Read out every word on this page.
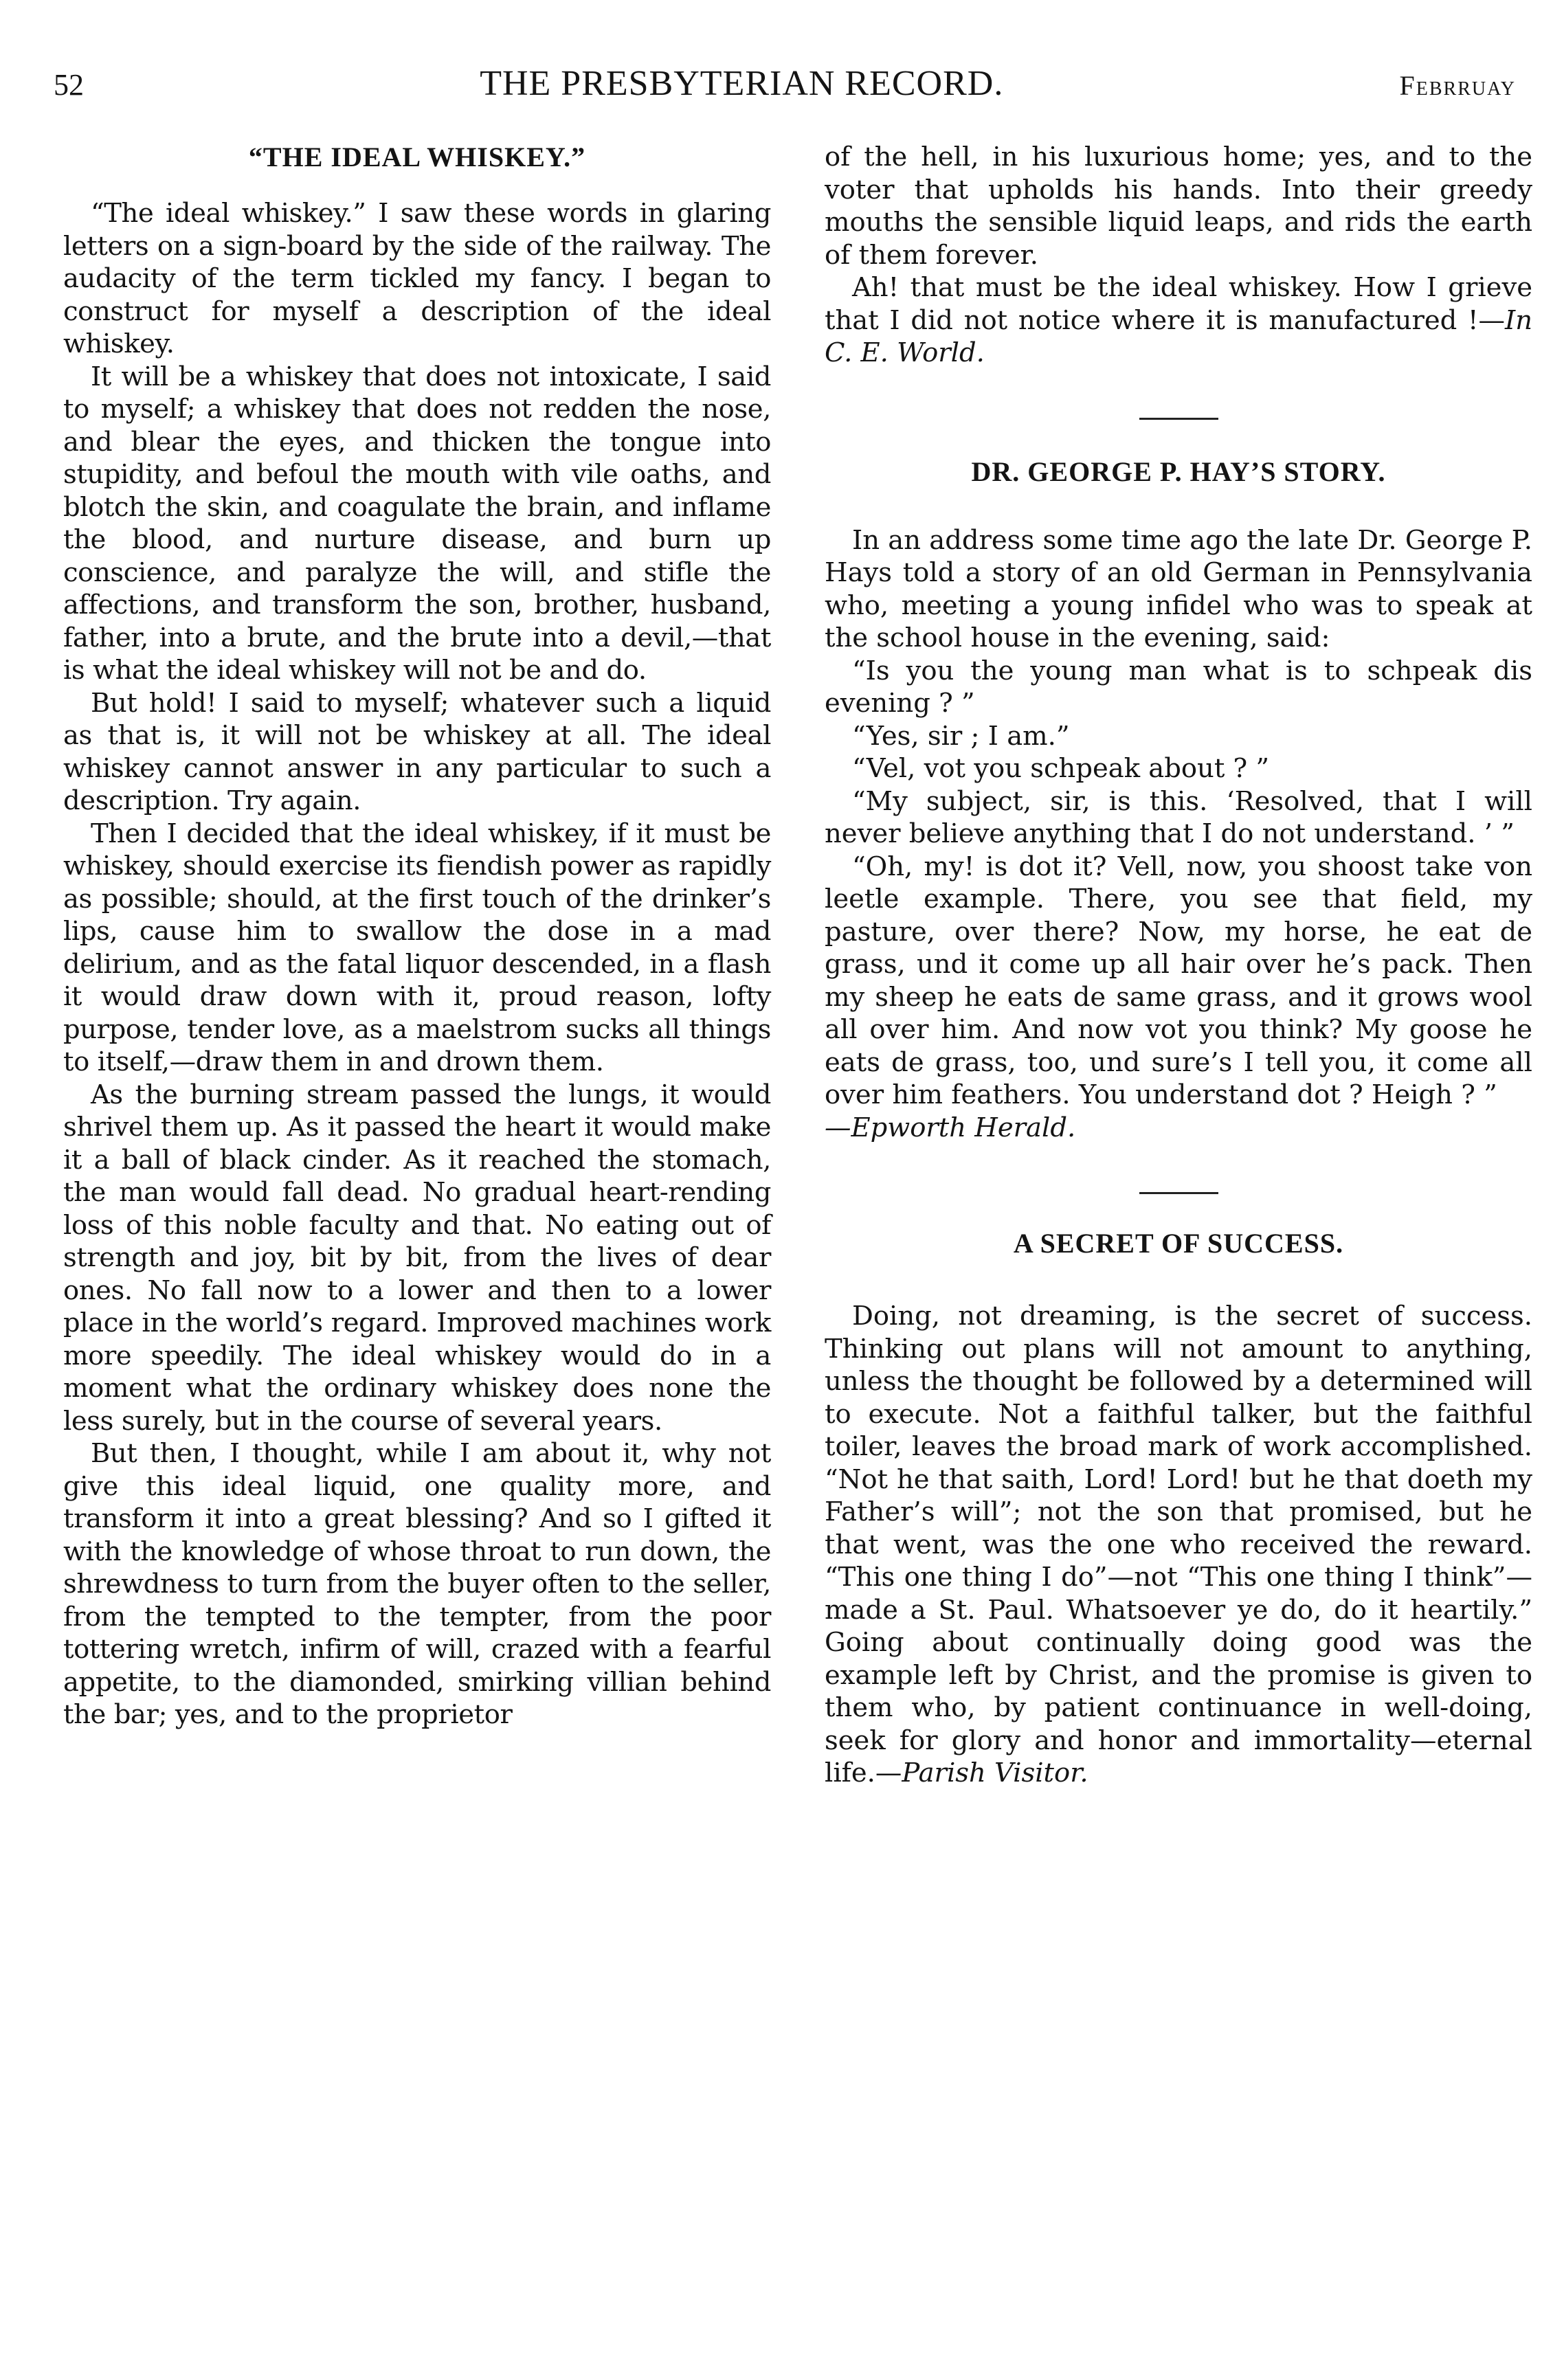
52	THE PRESBYTERIAN RECORD.	Febrruay
“THE IDEAL WHISKEY.”

“The ideal whiskey.” I saw these words in glaring letters on a sign-board by the side of the railway. The audacity of the term tickled my fancy. I began to construct for myself a description of the ideal whiskey.

It will be a whiskey that does not intoxicate, I said to myself; a whiskey that does not redden the nose, and blear the eyes, and thicken the tongue into stupidity, and befoul the mouth with vile oaths, and blotch the skin, and coagulate the brain, and inflame the blood, and nurture disease, and burn up conscience, and paralyze the will, and stifle the affections, and transform the son, brother, husband, father, into a brute, and the brute into a devil,—that is what the ideal whiskey will not be and do.

But hold! I said to myself; whatever such a liquid as that is, it will not be whiskey at all. The ideal whiskey cannot answer in any particular to such a description. Try again.

Then I decided that the ideal whiskey, if it must be whiskey, should exercise its fiendish power as rapidly as possible; should, at the first touch of the drinker’s lips, cause him to swallow the dose in a mad delirium, and as the fatal liquor descended, in a flash it would draw down with it, proud reason, lofty purpose, tender love, as a maelstrom sucks all things to itself,—draw them in and drown them.

As the burning stream passed the lungs, it would shrivel them up. As it passed the heart it would make it a ball of black cinder. As it reached the stomach, the man would fall dead. No gradual heart-rending loss of this noble faculty and that. No eating out of strength and joy, bit by bit, from the lives of dear ones. No fall now to a lower and then to a lower place in the world’s regard. Improved machines work more speedily. The ideal whiskey would do in a moment what the ordinary whiskey does none the less surely, but in the course of several years.

But then, I thought, while I am about it, why not give this ideal liquid, one quality more, and transform it into a great blessing? And so I gifted it with the knowledge of whose throat to run down, the shrewdness to turn from the buyer often to the seller, from the tempted to the tempter, from the poor tottering wretch, infirm of will, crazed with a fearful appetite, to the diamonded, smirking villian behind the bar; yes, and to the proprietor

of the hell, in his luxurious home; yes, and to the voter that upholds his hands. Into their greedy mouths the sensible liquid leaps, and rids the earth of them forever.

Ah! that must be the ideal whiskey. How I grieve that I did not notice where it is manufactured !—In C. E. World.

DR. GEORGE P. HAY’S STORY.

In an address some time ago the late Dr. George P. Hays told a story of an old German in Pennsylvania who, meeting a young infidel who was to speak at the school house in the evening, said:

“Is you the young man what is to schpeak dis evening ? ”

“Yes, sir ; I am.”

“Vel, vot you schpeak about ? ”

“My subject, sir, is this. ‘Resolved, that I will never believe anything that I do not understand. ’ ”

“Oh, my! is dot it? Vell, now, you shoost take von leetle example. There, you see that field, my pasture, over there? Now, my horse, he eat de grass, und it come up all hair over he’s pack. Then my sheep he eats de same grass, and it grows wool all over him. And now vot you think? My goose he eats de grass, too, und sure’s I tell you, it come all over him feathers. You understand dot ? Heigh ? ”

—Epworth Herald.

A SECRET OF SUCCESS.

Doing, not dreaming, is the secret of success. Thinking out plans will not amount to anything, unless the thought be followed by a determined will to execute. Not a faithful talker, but the faithful toiler, leaves the broad mark of work accomplished. “Not he that saith, Lord! Lord! but he that doeth my Father’s will”; not the son that promised, but he that went, was the one who received the reward. “This one thing I do”—not “This one thing I think”—made a St. Paul. Whatsoever ye do, do it heartily.” Going about continually doing good was the example left by Christ, and the promise is given to them who, by patient continuance in well-doing, seek for glory and honor and immortality—eternal life.—Parish Visitor.
